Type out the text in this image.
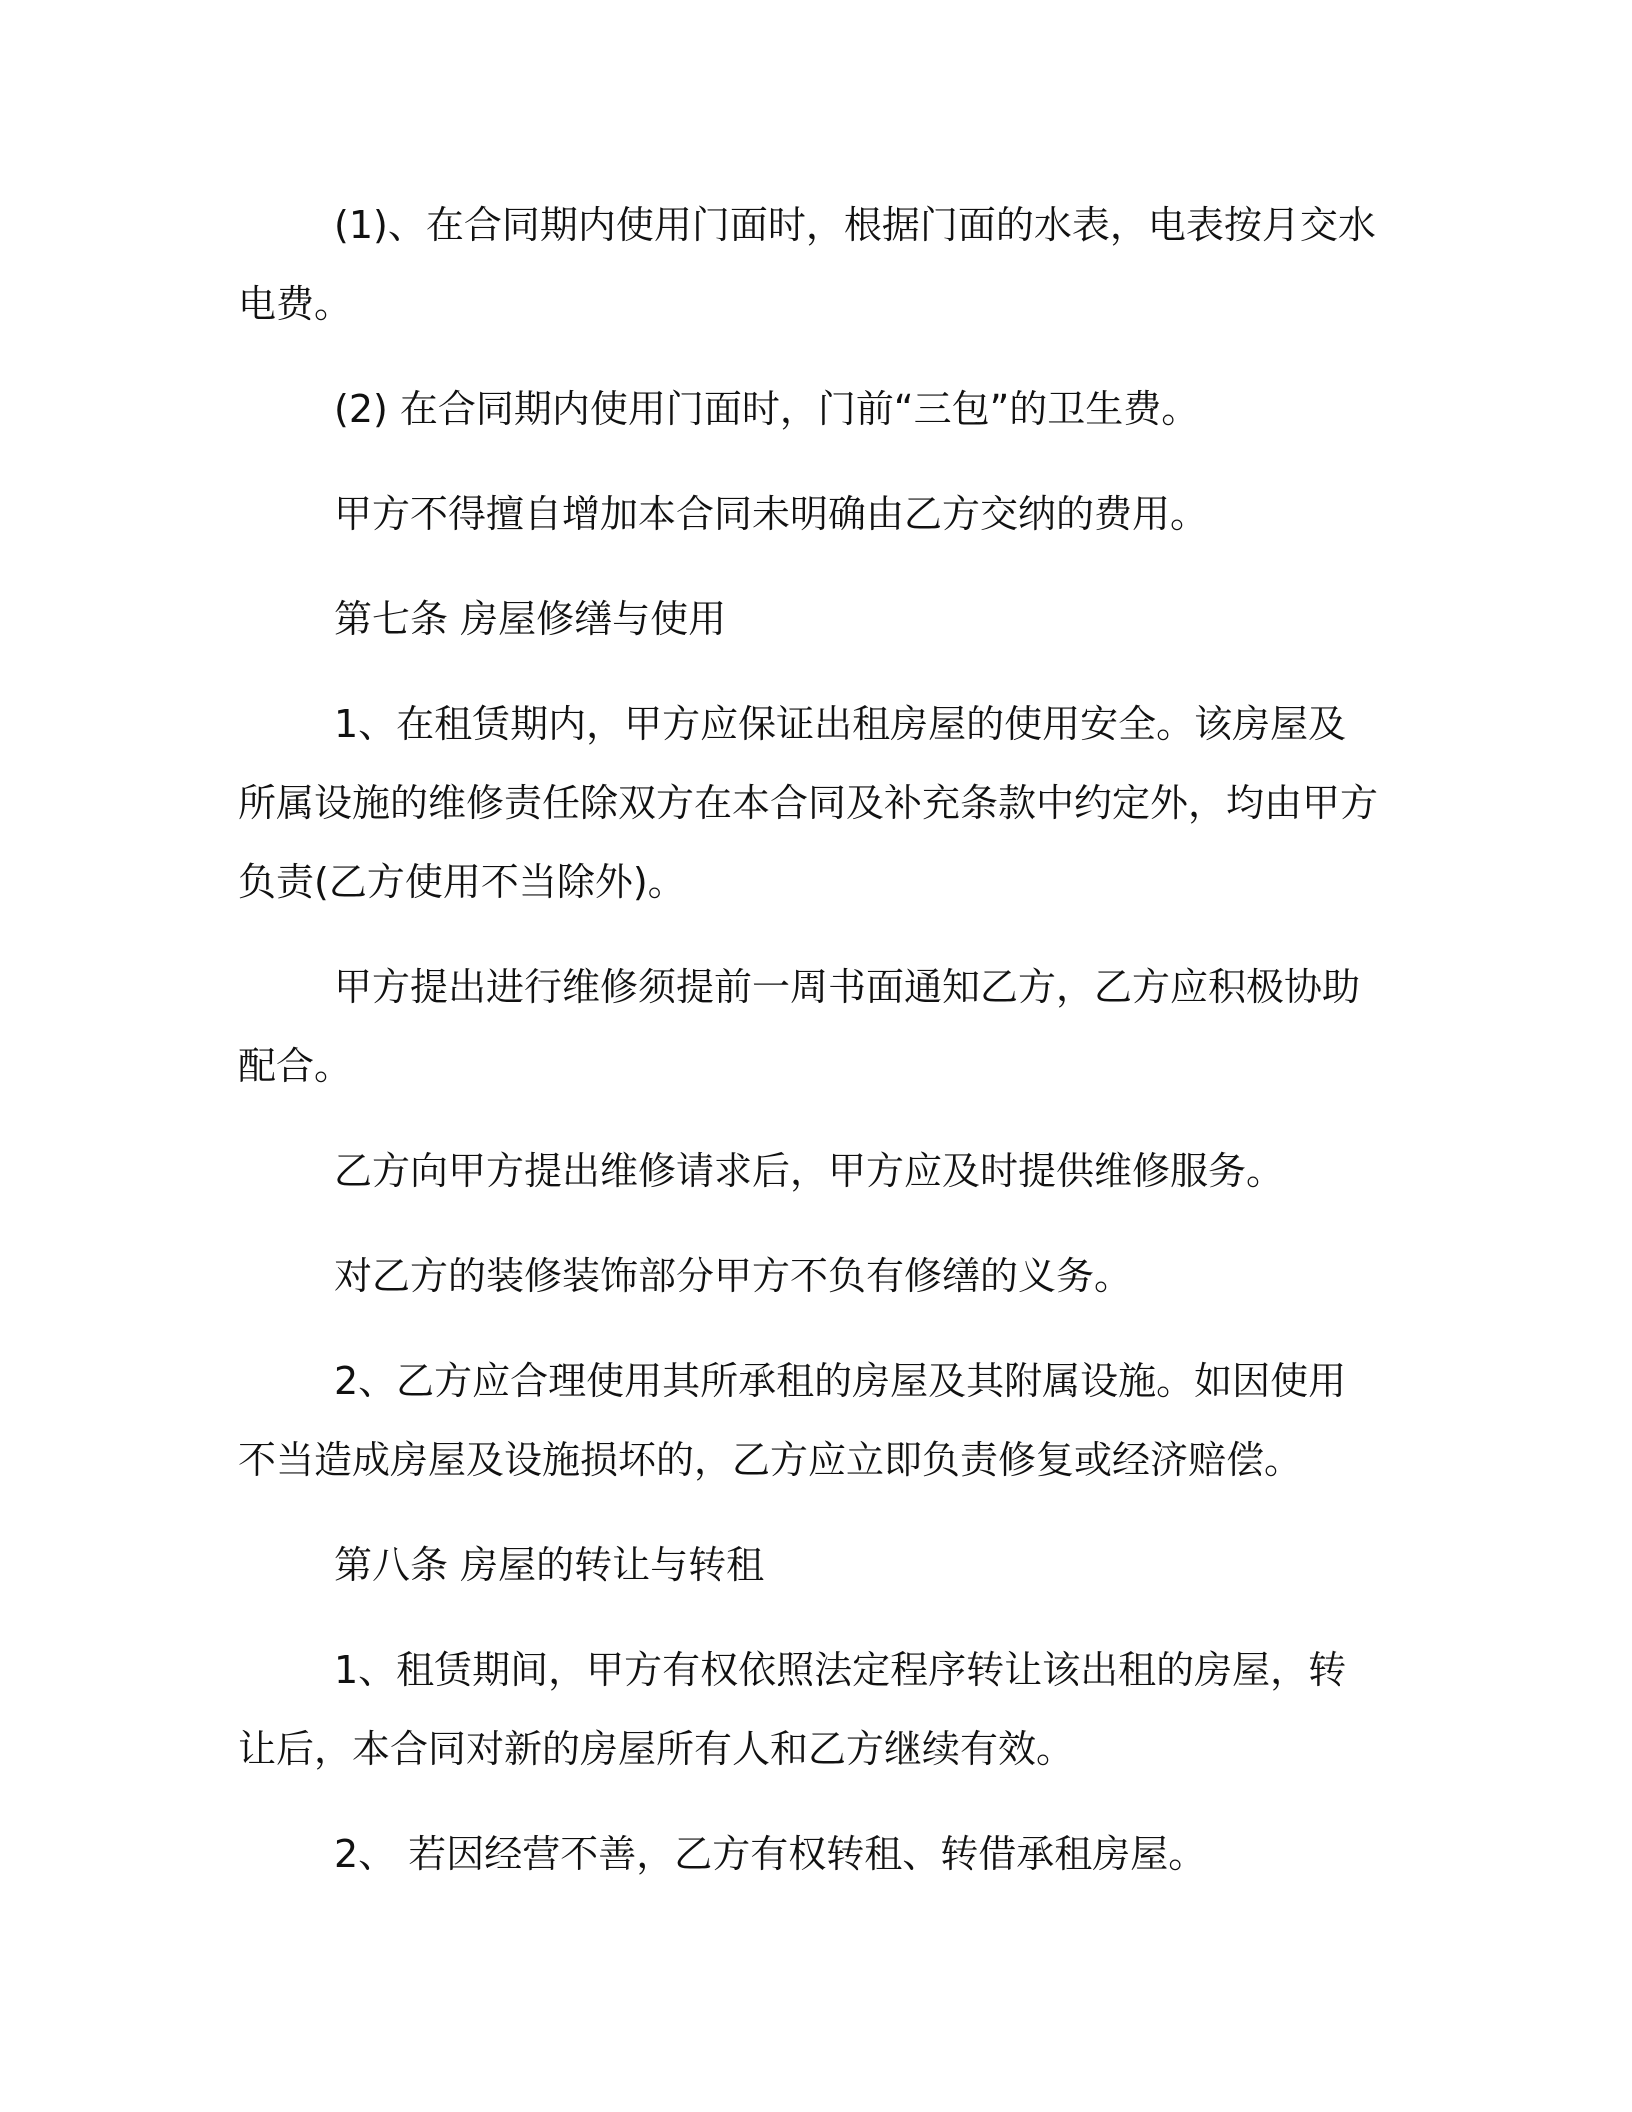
(1)、在合同期内使用门面时，根据门面的水表，电表按月交水电费。

(2) 在合同期内使用门面时，门前“三包”的卫生费。

甲方不得擅自增加本合同未明确由乙方交纳的费用。

第七条 房屋修缮与使用

1、在租赁期内，甲方应保证出租房屋的使用安全。该房屋及所属设施的维修责任除双方在本合同及补充条款中约定外，均由甲方负责(乙方使用不当除外)。

甲方提出进行维修须提前一周书面通知乙方，乙方应积极协助配合。

乙方向甲方提出维修请求后，甲方应及时提供维修服务。

对乙方的装修装饰部分甲方不负有修缮的义务。

2、乙方应合理使用其所承租的房屋及其附属设施。如因使用不当造成房屋及设施损坏的，乙方应立即负责修复或经济赔偿。

第八条 房屋的转让与转租

1、租赁期间，甲方有权依照法定程序转让该出租的房屋，转让后，本合同对新的房屋所有人和乙方继续有效。

2、 若因经营不善，乙方有权转租、转借承租房屋。
